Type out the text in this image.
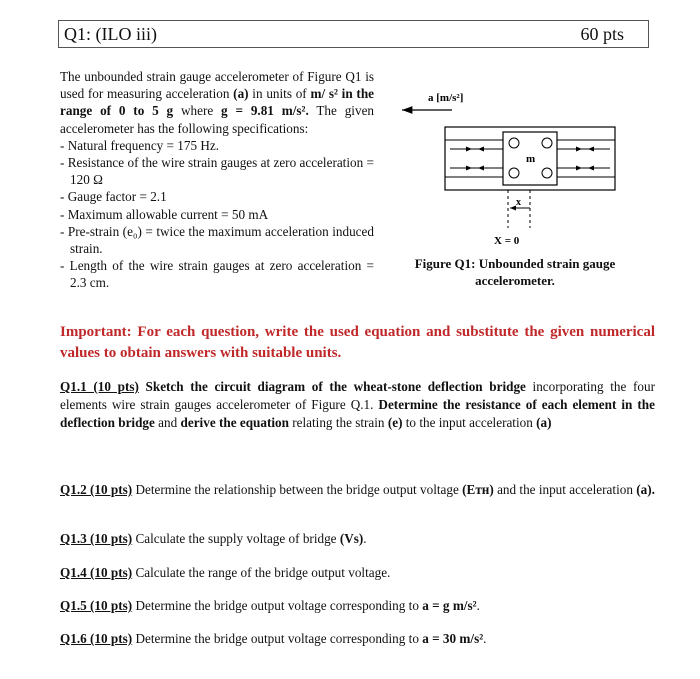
Q1: (ILO iii)	60 pts

The unbounded strain gauge accelerometer of Figure Q1 is used for measuring acceleration (a) in units of m/ s² in the range of 0 to 5 g where g = 9.81 m/s². The given accelerometer has the following specifications:

- Natural frequency = 175 Hz.
- Resistance of the wire strain gauges at zero acceleration = 120 Ω
- Gauge factor = 2.1
- Maximum allowable current = 50 mA
- Pre-strain (e₀) = twice the maximum acceleration induced strain.
- Length of the wire strain gauges at zero acceleration = 2.3 cm.
a [m/s²]
m
x
X = 0
Figure Q1: Unbounded strain gauge accelerometer.
Important: For each question, write the used equation and substitute the given numerical values to obtain answers with suitable units.
Q1.1 (10 pts) Sketch the circuit diagram of the wheat-stone deflection bridge incorporating the four elements wire strain gauges accelerometer of Figure Q.1. Determine the resistance of each element in the deflection bridge and derive the equation relating the strain (e) to the input acceleration (a)
Q1.2 (10 pts) Determine the relationship between the bridge output voltage (Eᴛʜ) and the input acceleration (a).
Q1.3 (10 pts) Calculate the supply voltage of bridge (Vs).
Q1.4 (10 pts) Calculate the range of the bridge output voltage.
Q1.5 (10 pts) Determine the bridge output voltage corresponding to a = g m/s².
Q1.6 (10 pts) Determine the bridge output voltage corresponding to a = 30 m/s².
